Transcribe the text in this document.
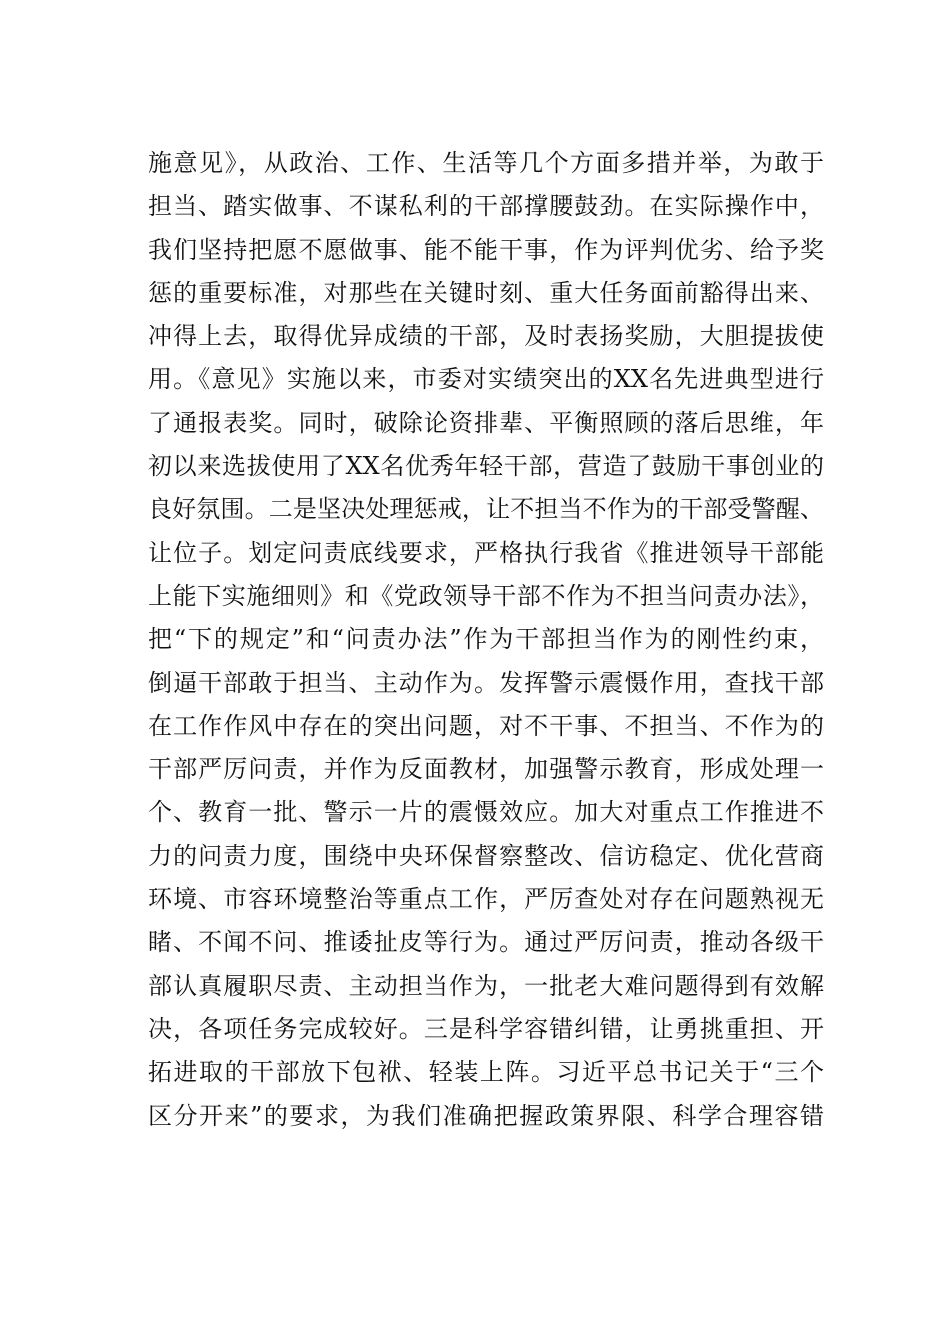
施意见》，从政治、工作、生活等几个方面多措并举，为敢于
担当、踏实做事、不谋私利的干部撑腰鼓劲。在实际操作中，
我们坚持把愿不愿做事、能不能干事，作为评判优劣、给予奖
惩的重要标准，对那些在关键时刻、重大任务面前豁得出来、
冲得上去，取得优异成绩的干部，及时表扬奖励，大胆提拔使
用。《意见》实施以来，市委对实绩突出的XX名先进典型进行
了通报表奖。同时，破除论资排辈、平衡照顾的落后思维，年
初以来选拔使用了XX名优秀年轻干部，营造了鼓励干事创业的
良好氛围。二是坚决处理惩戒，让不担当不作为的干部受警醒、
让位子。划定问责底线要求，严格执行我省《推进领导干部能
上能下实施细则》和《党政领导干部不作为不担当问责办法》，
把“下的规定”和“问责办法”作为干部担当作为的刚性约束，
倒逼干部敢于担当、主动作为。发挥警示震慑作用，查找干部
在工作作风中存在的突出问题，对不干事、不担当、不作为的
干部严厉问责，并作为反面教材，加强警示教育，形成处理一
个、教育一批、警示一片的震慑效应。加大对重点工作推进不
力的问责力度，围绕中央环保督察整改、信访稳定、优化营商
环境、市容环境整治等重点工作，严厉查处对存在问题熟视无
睹、不闻不问、推诿扯皮等行为。通过严厉问责，推动各级干
部认真履职尽责、主动担当作为，一批老大难问题得到有效解
决，各项任务完成较好。三是科学容错纠错，让勇挑重担、开
拓进取的干部放下包袱、轻装上阵。习近平总书记关于“三个
区分开来”的要求，为我们准确把握政策界限、科学合理容错
